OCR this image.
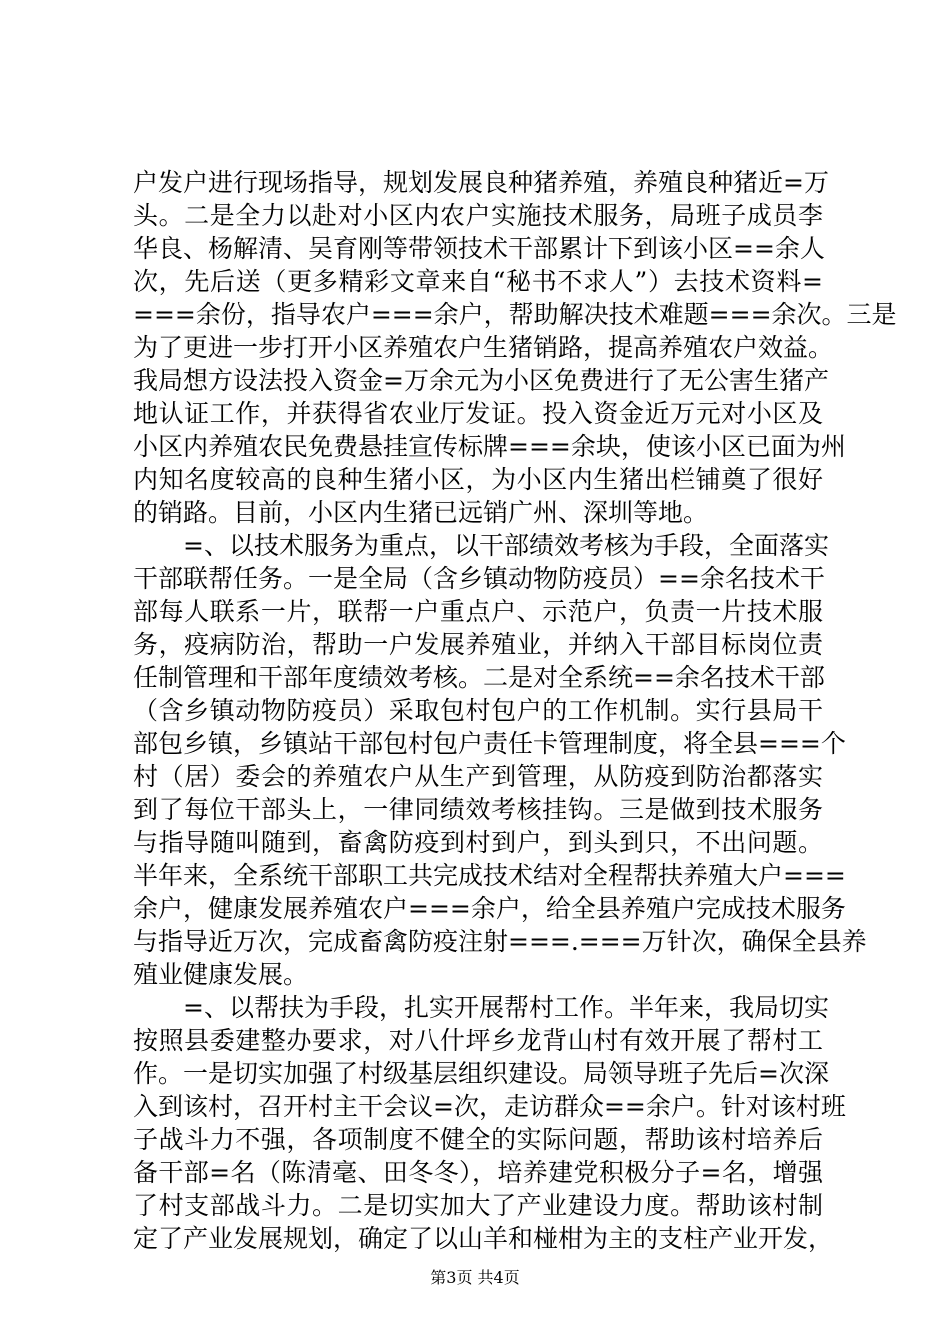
户发户进行现场指导，规划发展良种猪养殖，养殖良种猪近=万
头。二是全力以赴对小区内农户实施技术服务，局班子成员李
华良、杨解清、吴育刚等带领技术干部累计下到该小区==余人
次，先后送（更多精彩文章来自“秘书不求人”）去技术资料=
===余份，指导农户===余户，帮助解决技术难题===余次。三是
为了更进一步打开小区养殖农户生猪销路，提高养殖农户效益。
我局想方设法投入资金=万余元为小区免费进行了无公害生猪产
地认证工作，并获得省农业厅发证。投入资金近万元对小区及
小区内养殖农民免费悬挂宣传标牌===余块，使该小区已面为州
内知名度较高的良种生猪小区，为小区内生猪出栏铺奠了很好
的销路。目前，小区内生猪已远销广州、深圳等地。
=、以技术服务为重点，以干部绩效考核为手段，全面落实
干部联帮任务。一是全局（含乡镇动物防疫员）==余名技术干
部每人联系一片，联帮一户重点户、示范户，负责一片技术服
务，疫病防治，帮助一户发展养殖业，并纳入干部目标岗位责
任制管理和干部年度绩效考核。二是对全系统==余名技术干部
（含乡镇动物防疫员）采取包村包户的工作机制。实行县局干
部包乡镇，乡镇站干部包村包户责任卡管理制度，将全县===个
村（居）委会的养殖农户从生产到管理，从防疫到防治都落实
到了每位干部头上，一律同绩效考核挂钩。三是做到技术服务
与指导随叫随到，畜禽防疫到村到户，到头到只，不出问题。
半年来，全系统干部职工共完成技术结对全程帮扶养殖大户===
余户，健康发展养殖农户===余户，给全县养殖户完成技术服务
与指导近万次，完成畜禽防疫注射===.===万针次，确保全县养
殖业健康发展。
=、以帮扶为手段，扎实开展帮村工作。半年来，我局切实
按照县委建整办要求，对八什坪乡龙背山村有效开展了帮村工
作。一是切实加强了村级基层组织建设。局领导班子先后=次深
入到该村，召开村主干会议=次，走访群众==余户。针对该村班
子战斗力不强，各项制度不健全的实际问题，帮助该村培养后
备干部=名（陈清毫、田冬冬），培养建党积极分子=名，增强
了村支部战斗力。二是切实加大了产业建设力度。帮助该村制
定了产业发展规划，确定了以山羊和椪柑为主的支柱产业开发，
第3页 共4页
